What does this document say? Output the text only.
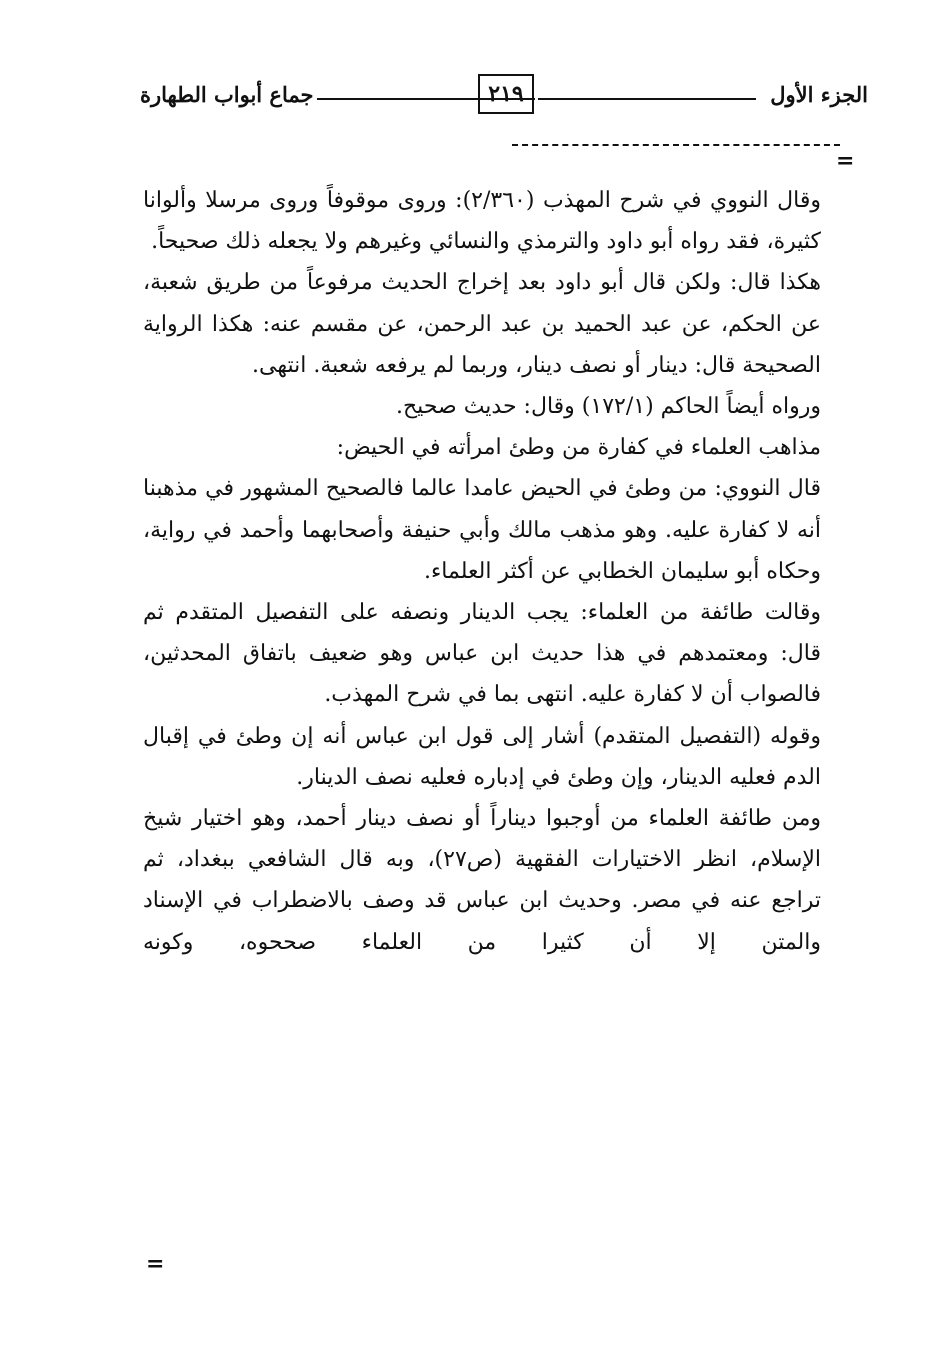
الجزء الأول
٢١٩
جماع أبواب الطهارة
=

وقال النووي في شرح المهذب (٢/٣٦٠): وروى موقوفاً وروى مرسلا وألوانا كثيرة، فقد رواه أبو داود والترمذي والنسائي وغيرهم ولا يجعله ذلك صحيحاً.

هكذا قال: ولكن قال أبو داود بعد إخراج الحديث مرفوعاً من طريق شعبة، عن الحكم، عن عبد الحميد بن عبد الرحمن، عن مقسم عنه: هكذا الرواية الصحيحة قال: دينار أو نصف دينار، وربما لم يرفعه شعبة. انتهى.

ورواه أيضاً الحاكم (١٧٢/١) وقال: حديث صحيح.

مذاهب العلماء في كفارة من وطئ امرأته في الحيض:

قال النووي: من وطئ في الحيض عامدا عالما فالصحيح المشهور في مذهبنا أنه لا كفارة عليه. وهو مذهب مالك وأبي حنيفة وأصحابهما وأحمد في رواية، وحكاه أبو سليمان الخطابي عن أكثر العلماء.

وقالت طائفة من العلماء: يجب الدينار ونصفه على التفصيل المتقدم ثم قال: ومعتمدهم في هذا حديث ابن عباس وهو ضعيف باتفاق المحدثين، فالصواب أن لا كفارة عليه. انتهى بما في شرح المهذب.

وقوله (التفصيل المتقدم) أشار إلى قول ابن عباس أنه إن وطئ في إقبال الدم فعليه الدينار، وإن وطئ في إدباره فعليه نصف الدينار.

ومن طائفة العلماء من أوجبوا ديناراً أو نصف دينار أحمد، وهو اختيار شيخ الإسلام، انظر الاختيارات الفقهية (ص٢٧)، وبه قال الشافعي ببغداد، ثم تراجع عنه في مصر. وحديث ابن عباس قد وصف بالاضطراب في الإسناد والمتن إلا أن كثيرا من العلماء صححوه، وكونه

=
